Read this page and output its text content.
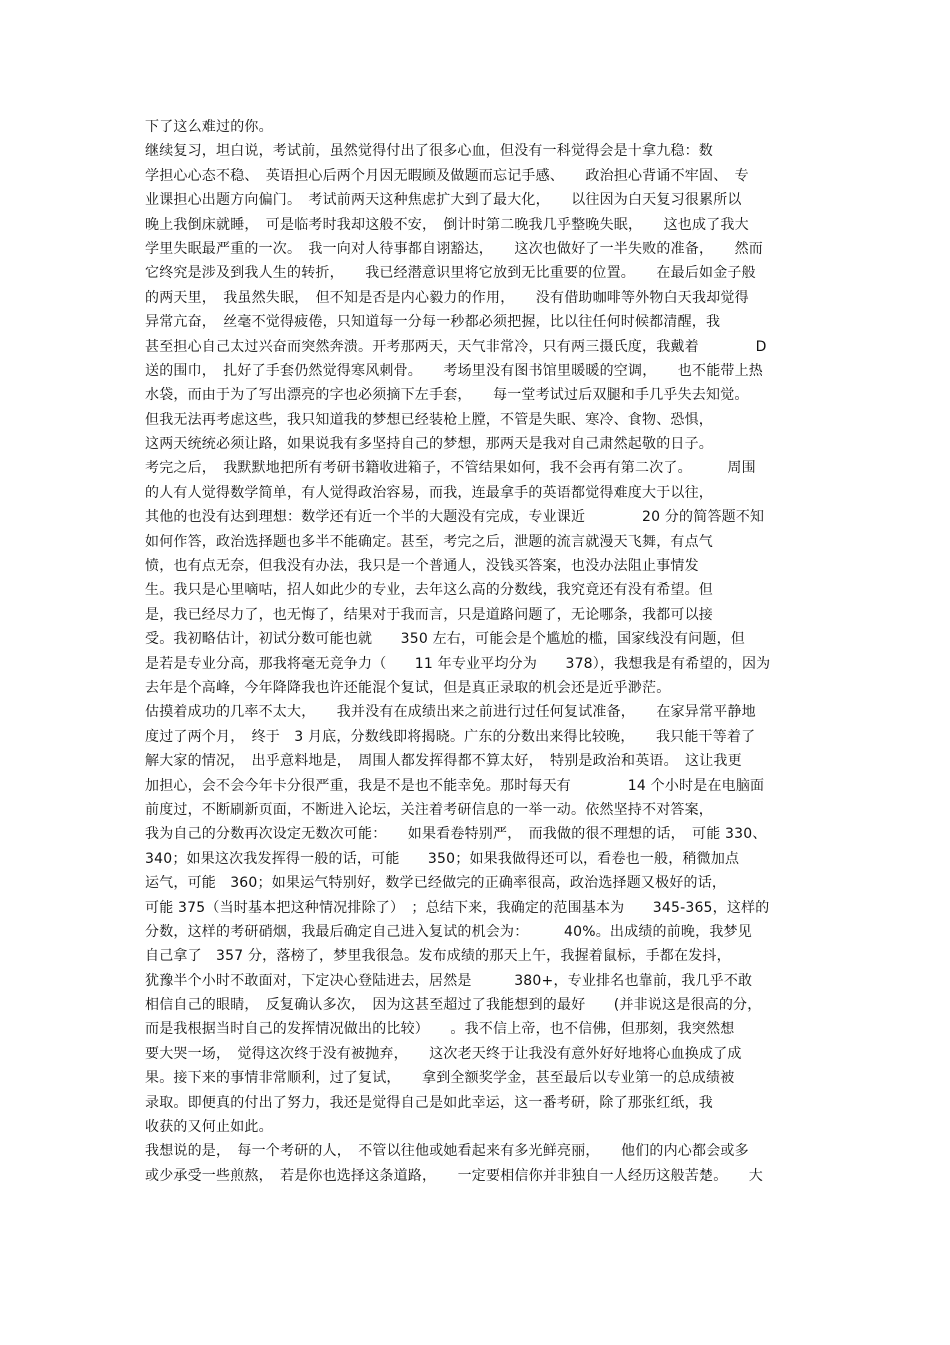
下了这么难过的你。
继续复习，坦白说，考试前，虽然觉得付出了很多心血，但没有一科觉得会是十拿九稳：数
学担心心态不稳、　英语担心后两个月因无暇顾及做题而忘记手感、　　政治担心背诵不牢固、　专
业课担心出题方向偏门。　考试前两天这种焦虑扩大到了最大化，　　以往因为白天复习很累所以
晚上我倒床就睡，　可是临考时我却这般不安，　倒计时第二晚我几乎整晚失眠，　　这也成了我大
学里失眠最严重的一次。　我一向对人待事都自诩豁达，　　这次也做好了一半失败的准备，　　然而
它终究是涉及到我人生的转折，　　我已经潜意识里将它放到无比重要的位置。　　在最后如金子般
的两天里，　我虽然失眠，　但不知是否是内心毅力的作用，　　没有借助咖啡等外物白天我却觉得
异常亢奋，　丝毫不觉得疲倦，只知道每一分每一秒都必须把握，比以往任何时候都清醒，我
甚至担心自己太过兴奋而突然奔溃。开考那两天，天气非常冷，只有两三摄氏度，我戴着　　　　D
送的围巾，　扎好了手套仍然觉得寒风刺骨。　　考场里没有图书馆里暖暖的空调，　　也不能带上热
水袋，而由于为了写出漂亮的字也必须摘下左手套，　　每一堂考试过后双腿和手几乎失去知觉。
但我无法再考虑这些，我只知道我的梦想已经装枪上膛，不管是失眠、寒冷、食物、恐惧，
这两天统统必须让路，如果说我有多坚持自己的梦想，那两天是我对自己肃然起敬的日子。
考完之后，　我默默地把所有考研书籍收进箱子，不管结果如何，我不会再有第二次了。　　　周围
的人有人觉得数学简单，有人觉得政治容易，而我，连最拿手的英语都觉得难度大于以往，
其他的也没有达到理想：数学还有近一个半的大题没有完成，专业课近　　　　20 分的简答题不知
如何作答，政治选择题也多半不能确定。甚至，考完之后，泄题的流言就漫天飞舞，有点气
愤，也有点无奈，但我没有办法，我只是一个普通人，没钱买答案，也没办法阻止事情发
生。我只是心里嘀咕，招人如此少的专业，去年这么高的分数线，我究竟还有没有希望。但
是，我已经尽力了，也无悔了，结果对于我而言，只是道路问题了，无论哪条，我都可以接
受。我初略估计，初试分数可能也就　　350 左右，可能会是个尴尬的槛，国家线没有问题，但
是若是专业分高，那我将毫无竞争力（　　11 年专业平均分为　　378），我想我是有希望的，因为
去年是个高峰，今年降降我也许还能混个复试，但是真正录取的机会还是近乎渺茫。
估摸着成功的几率不太大，　　我并没有在成绩出来之前进行过任何复试准备，　　在家异常平静地
度过了两个月，　终于　3 月底，分数线即将揭晓。广东的分数出来得比较晚，　　我只能干等着了
解大家的情况，　出乎意料地是，　周围人都发挥得都不算太好，　特别是政治和英语。　这让我更
加担心，会不会今年卡分很严重，我是不是也不能幸免。那时每天有　　　　14 个小时是在电脑面
前度过，不断刷新页面，不断进入论坛，关注着考研信息的一举一动。依然坚持不对答案，
我为自己的分数再次设定无数次可能：　　如果看卷特别严，　而我做的很不理想的话，　可能 330、
340；如果这次我发挥得一般的话，可能　　350；如果我做得还可以，看卷也一般，稍微加点
运气，可能　360；如果运气特别好，数学已经做完的正确率很高，政治选择题又极好的话，
可能 375（当时基本把这种情况排除了）　；总结下来，我确定的范围基本为　　345-365，这样的
分数，这样的考研硝烟，我最后确定自己进入复试的机会为：　　　40%。出成绩的前晚，我梦见
自己拿了　357 分，落榜了，梦里我很急。发布成绩的那天上午，我握着鼠标，手都在发抖，
犹豫半个小时不敢面对，下定决心登陆进去，居然是　　　380+，专业排名也靠前，我几乎不敢
相信自己的眼睛，　反复确认多次，　因为这甚至超过了我能想到的最好　　(并非说这是很高的分，
而是我根据当时自己的发挥情况做出的比较）　　。我不信上帝，也不信佛，但那刻，我突然想
要大哭一场，　觉得这次终于没有被抛弃，　　这次老天终于让我没有意外好好地将心血换成了成
果。接下来的事情非常顺利，过了复试，　　拿到全额奖学金，甚至最后以专业第一的总成绩被
录取。即便真的付出了努力，我还是觉得自己是如此幸运，这一番考研，除了那张红纸，我
收获的又何止如此。
我想说的是，　每一个考研的人，　不管以往他或她看起来有多光鲜亮丽，　　他们的内心都会或多
或少承受一些煎熬，　若是你也选择这条道路，　　一定要相信你并非独自一人经历这般苦楚。　　大
